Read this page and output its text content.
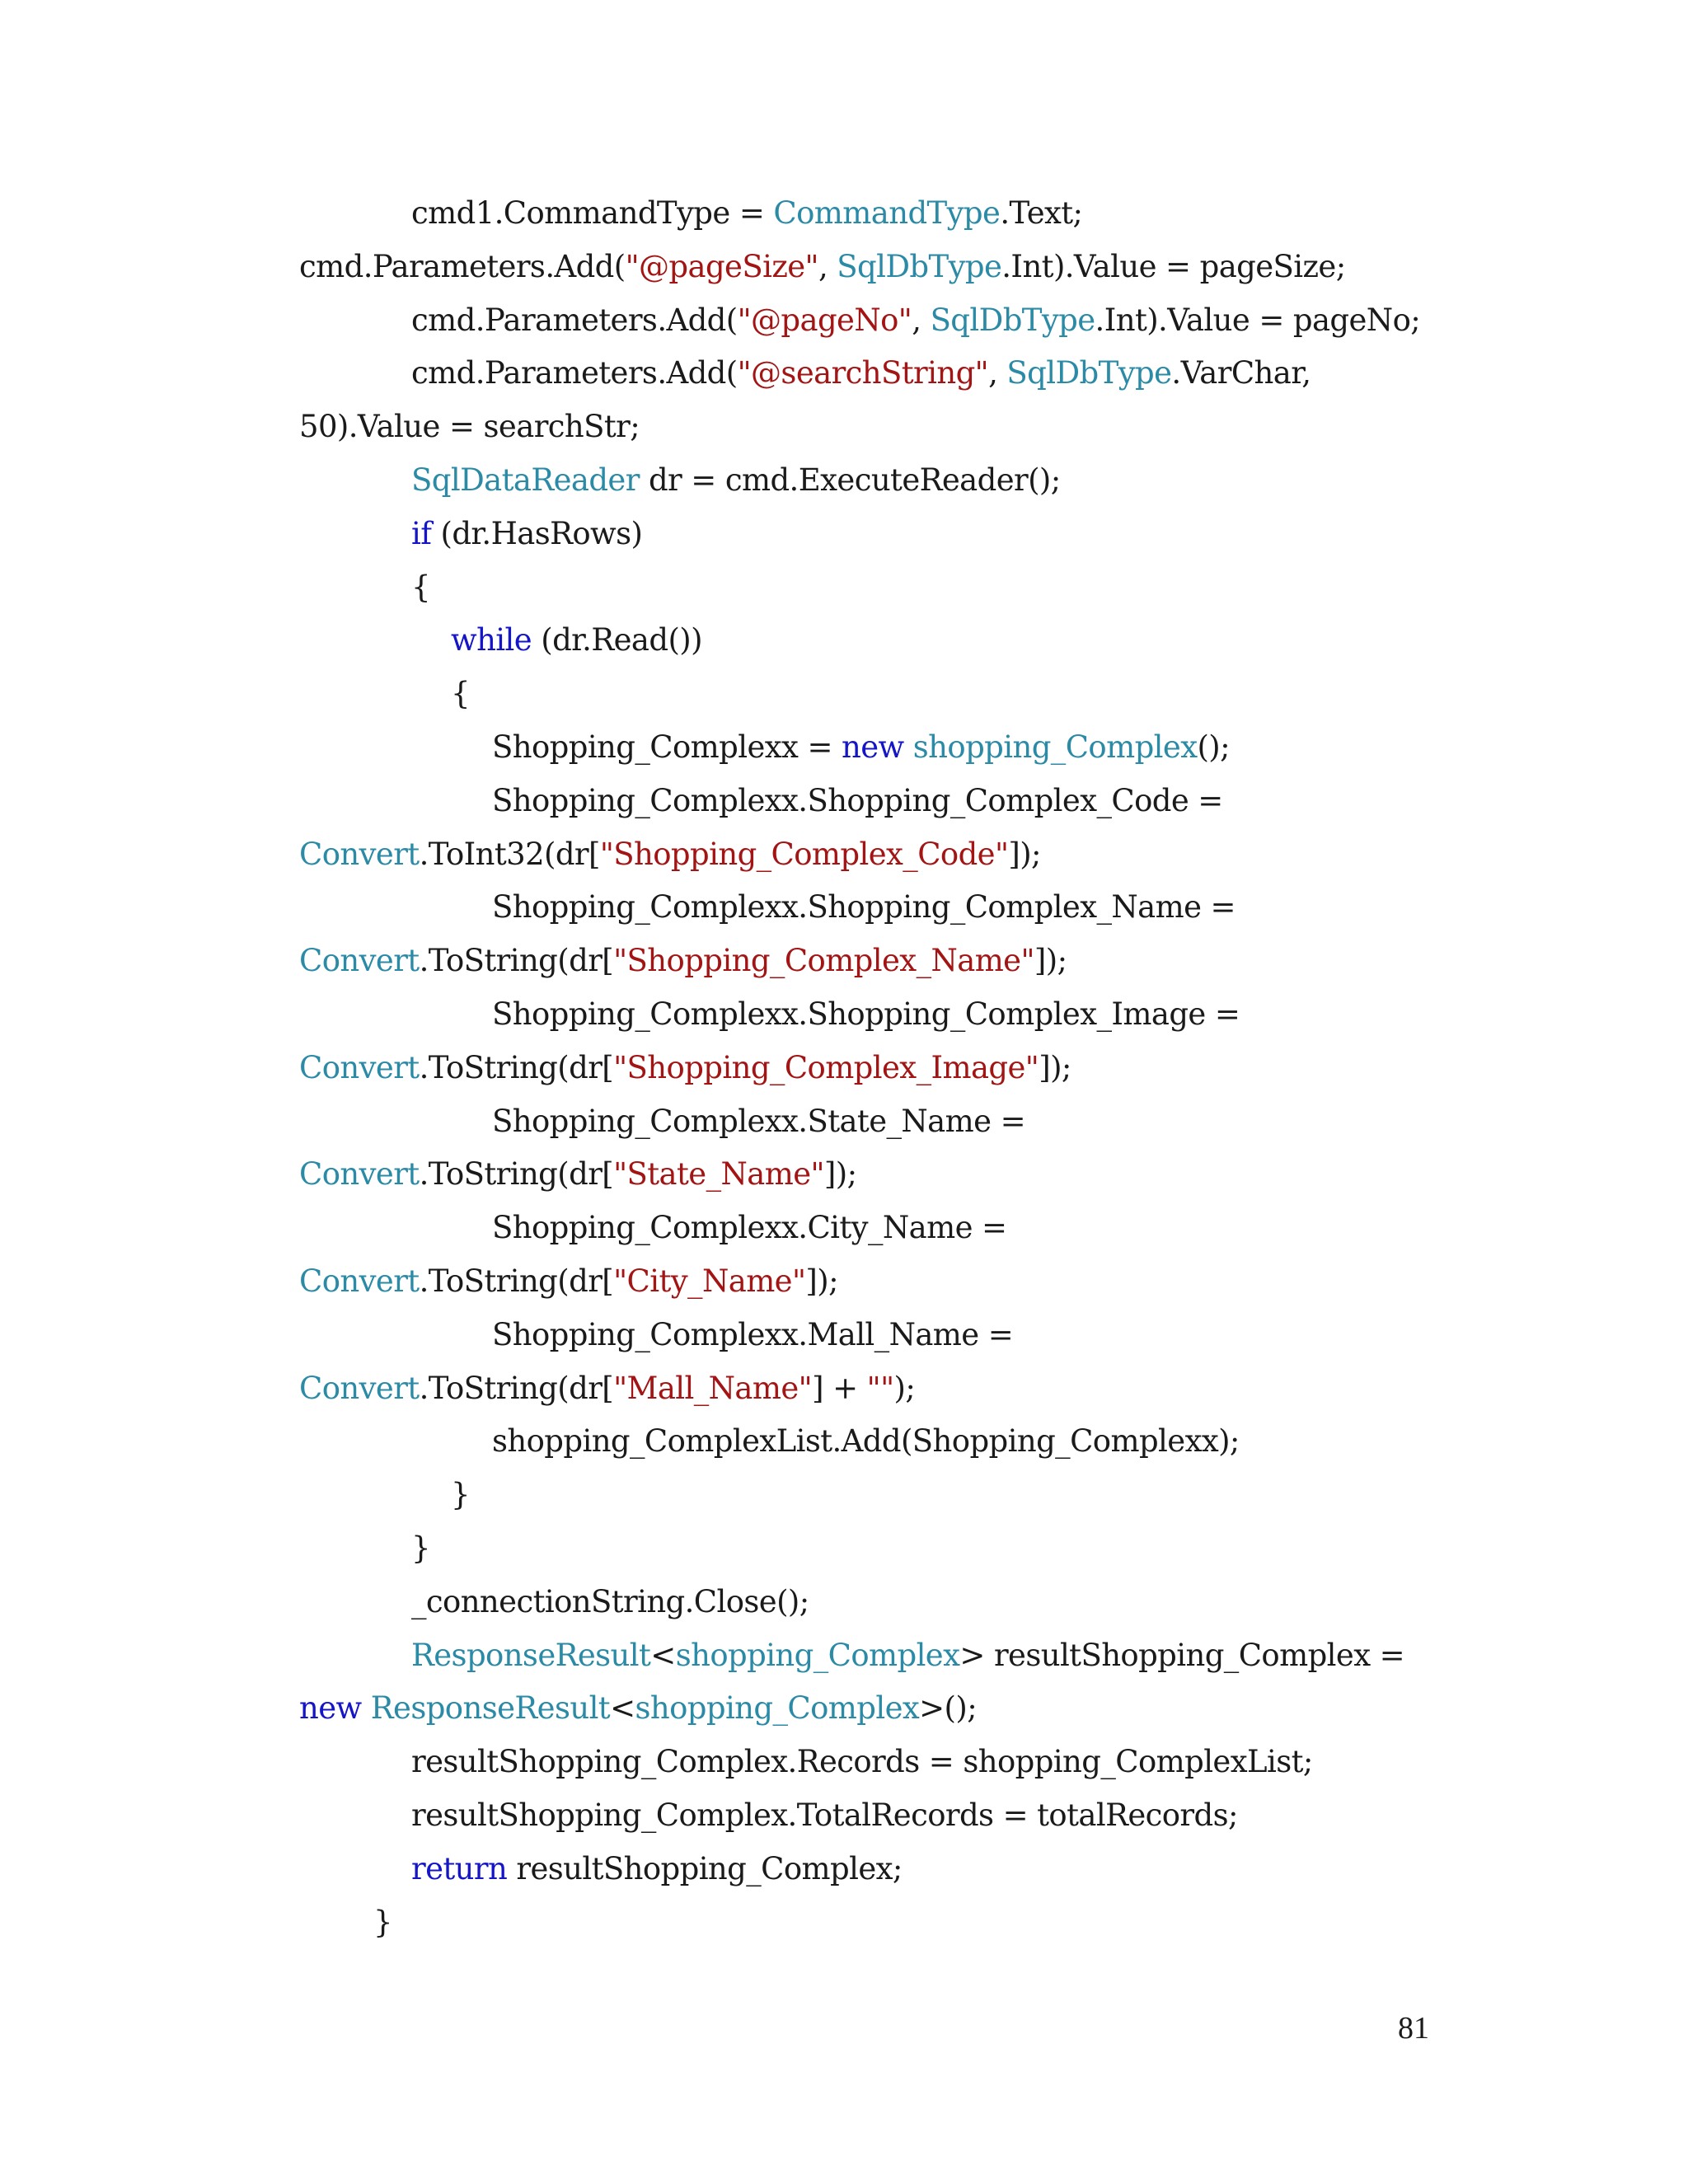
cmd1.CommandType = CommandType.Text;
cmd.Parameters.Add("@pageSize", SqlDbType.Int).Value = pageSize;
cmd.Parameters.Add("@pageNo", SqlDbType.Int).Value = pageNo;
cmd.Parameters.Add("@searchString", SqlDbType.VarChar,
50).Value = searchStr;
SqlDataReader dr = cmd.ExecuteReader();
if (dr.HasRows)
{
while (dr.Read())
{
Shopping_Complexx = new shopping_Complex();
Shopping_Complexx.Shopping_Complex_Code =
Convert.ToInt32(dr["Shopping_Complex_Code"]);
Shopping_Complexx.Shopping_Complex_Name =
Convert.ToString(dr["Shopping_Complex_Name"]);
Shopping_Complexx.Shopping_Complex_Image =
Convert.ToString(dr["Shopping_Complex_Image"]);
Shopping_Complexx.State_Name =
Convert.ToString(dr["State_Name"]);
Shopping_Complexx.City_Name =
Convert.ToString(dr["City_Name"]);
Shopping_Complexx.Mall_Name =
Convert.ToString(dr["Mall_Name"] + "");
shopping_ComplexList.Add(Shopping_Complexx);
}
}
_connectionString.Close();
ResponseResult<shopping_Complex> resultShopping_Complex =
new ResponseResult<shopping_Complex>();
resultShopping_Complex.Records = shopping_ComplexList;
resultShopping_Complex.TotalRecords = totalRecords;
return resultShopping_Complex;
}
81
